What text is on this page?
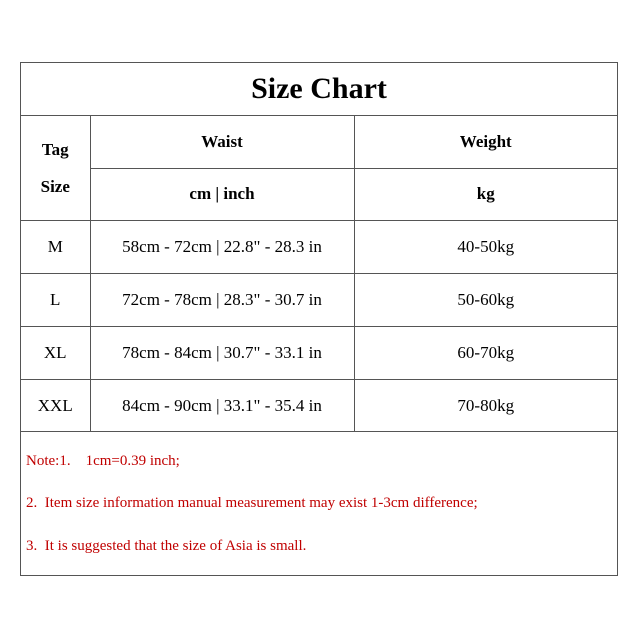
Size Chart
Tag
Size	Waist	Weight
	cm | inch	kg
M	58cm - 72cm | 22.8" - 28.3 in	40-50kg
L	72cm - 78cm | 28.3" - 30.7 in	50-60kg
XL	78cm - 84cm | 30.7" - 33.1 in	60-70kg
XXL	84cm - 90cm | 33.1" - 35.4 in	70-80kg
Note:1.    1cm=0.39 inch;
2.  Item size information manual measurement may exist 1-3cm difference;
3.  It is suggested that the size of Asia is small.
